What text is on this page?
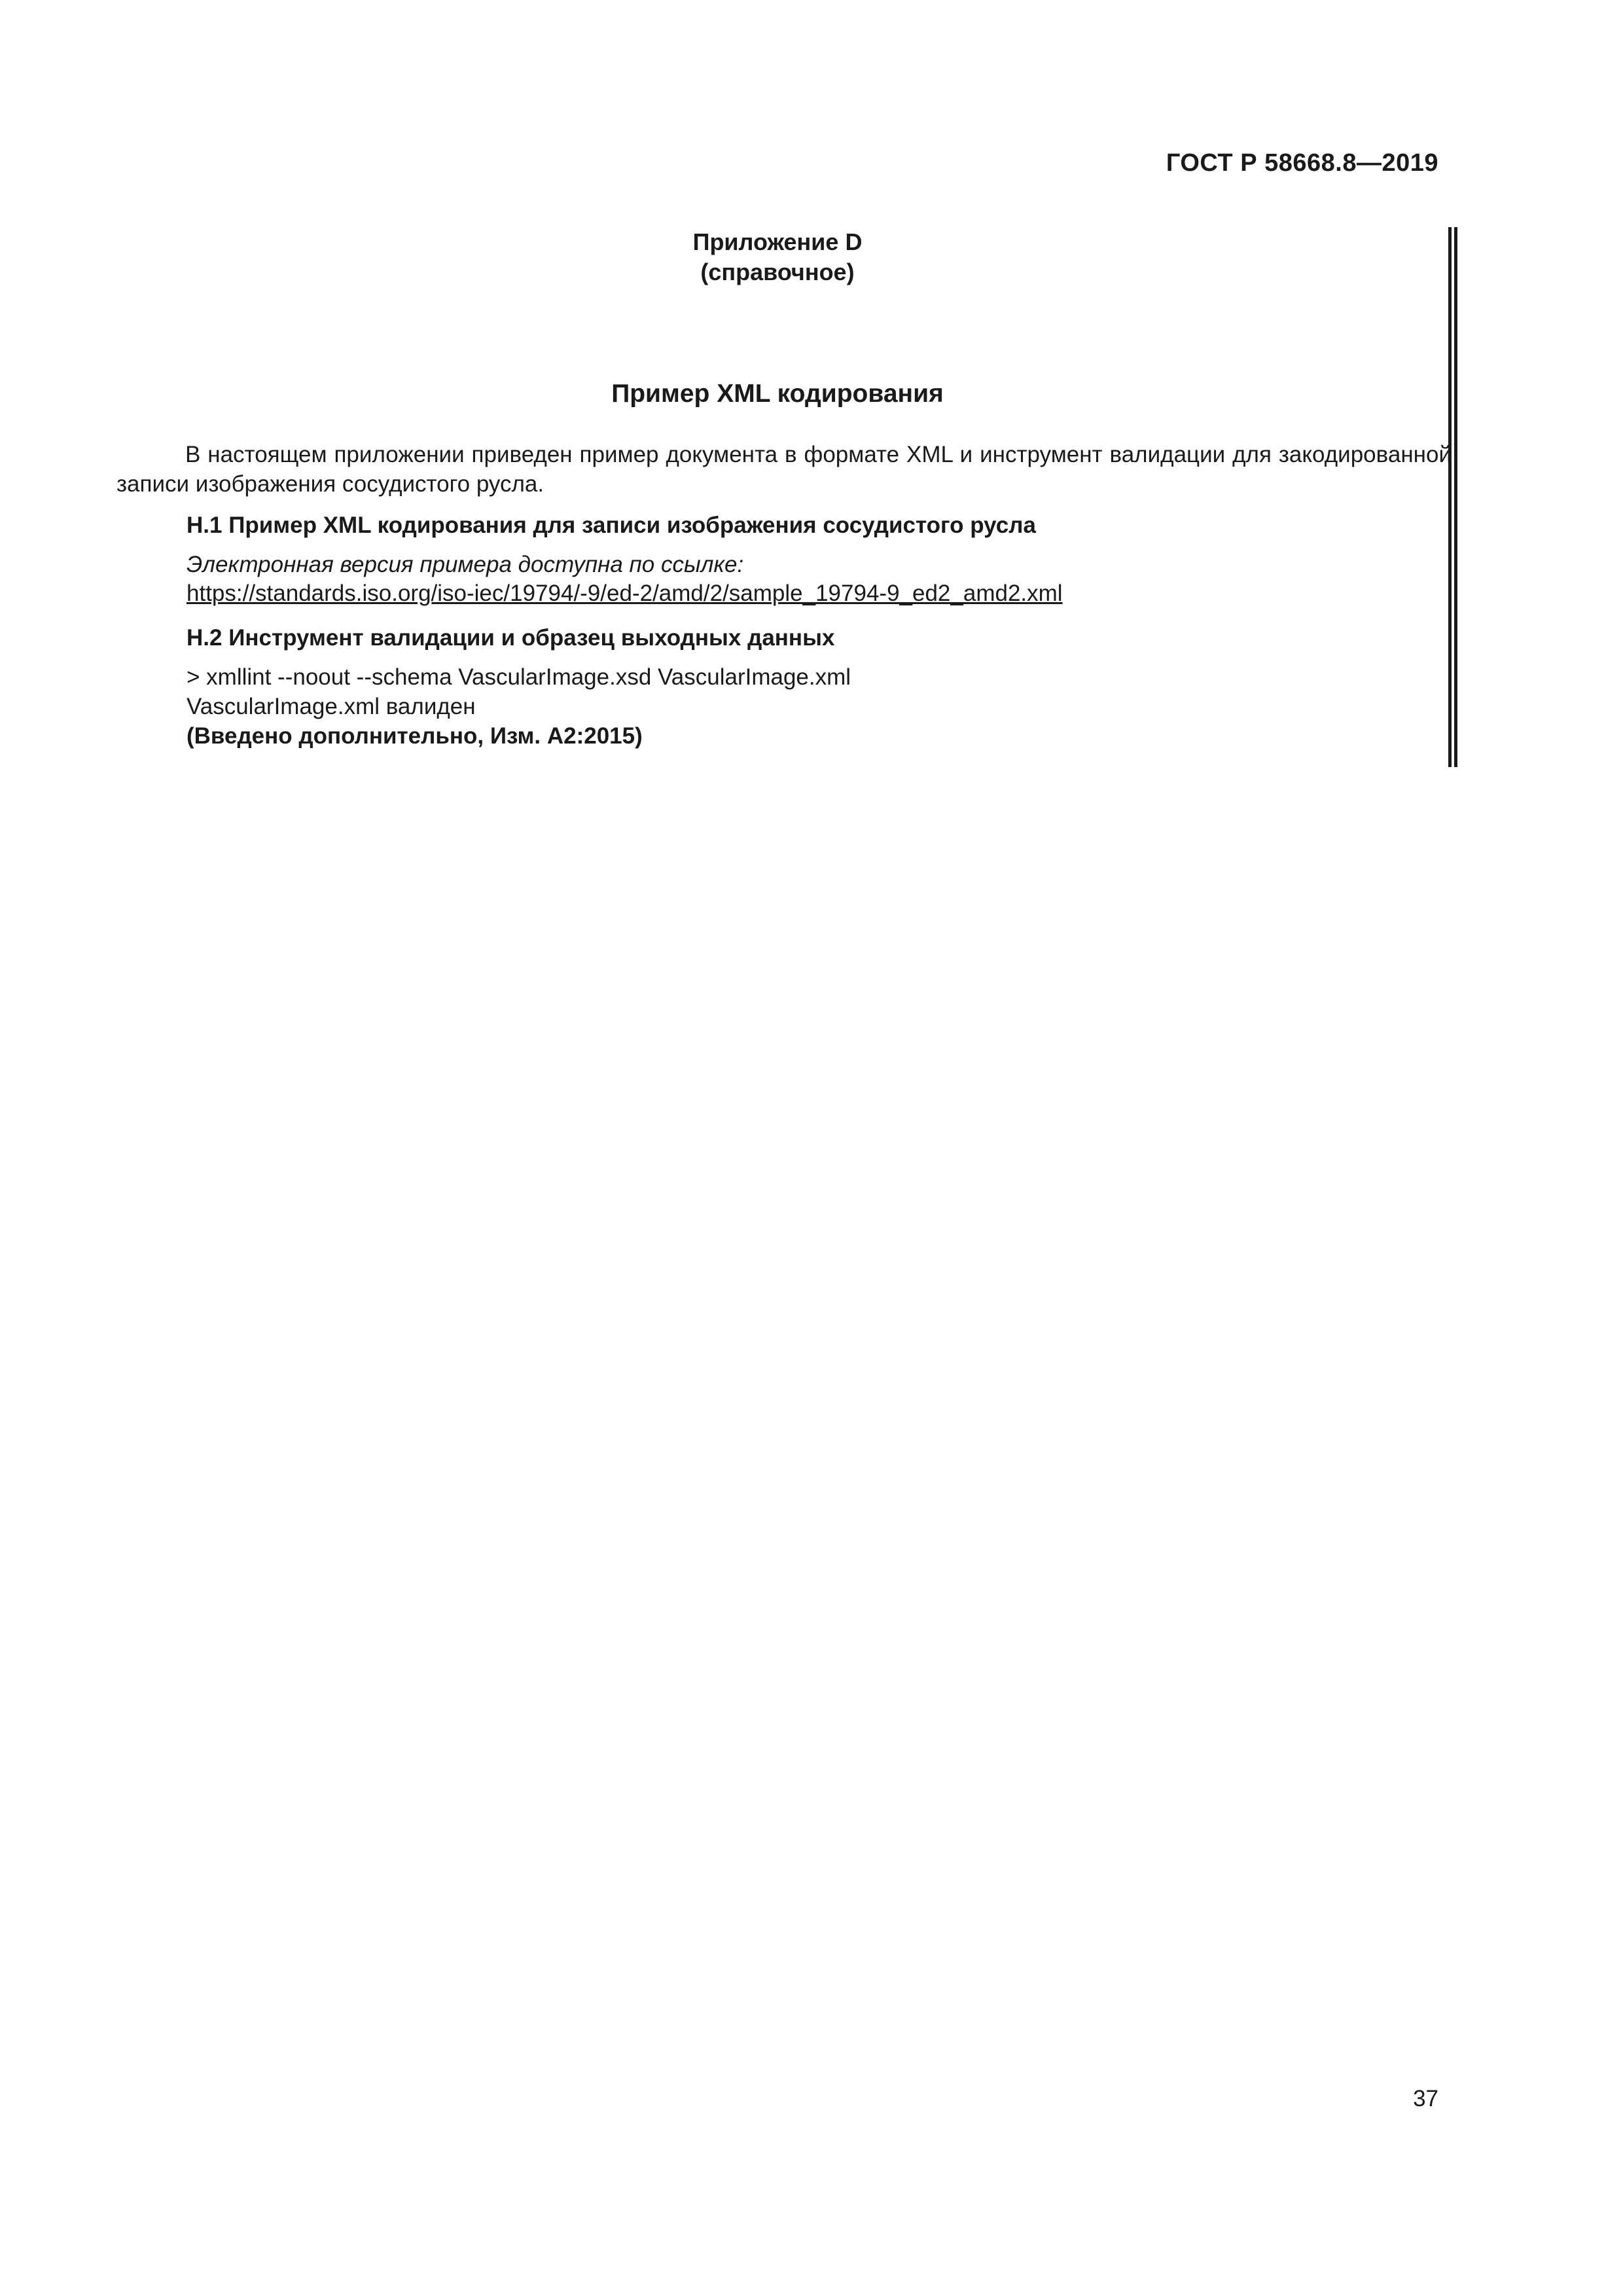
ГОСТ Р 58668.8—2019
Приложение D
(справочное)
Пример XML кодирования

В настоящем приложении приведен пример документа в формате XML и инструмент валидации для закодированной записи изображения сосудистого русла.

H.1 Пример XML кодирования для записи изображения сосудистого русла
Электронная версия примера доступна по ссылке:
https://standards.iso.org/iso-iec/19794/-9/ed-2/amd/2/sample_19794-9_ed2_amd2.xml
H.2 Инструмент валидации и образец выходных данных
> xmllint --noout --schema VascularImage.xsd VascularImage.xml
VascularImage.xml валиден
(Введено дополнительно, Изм. A2:2015)
37
